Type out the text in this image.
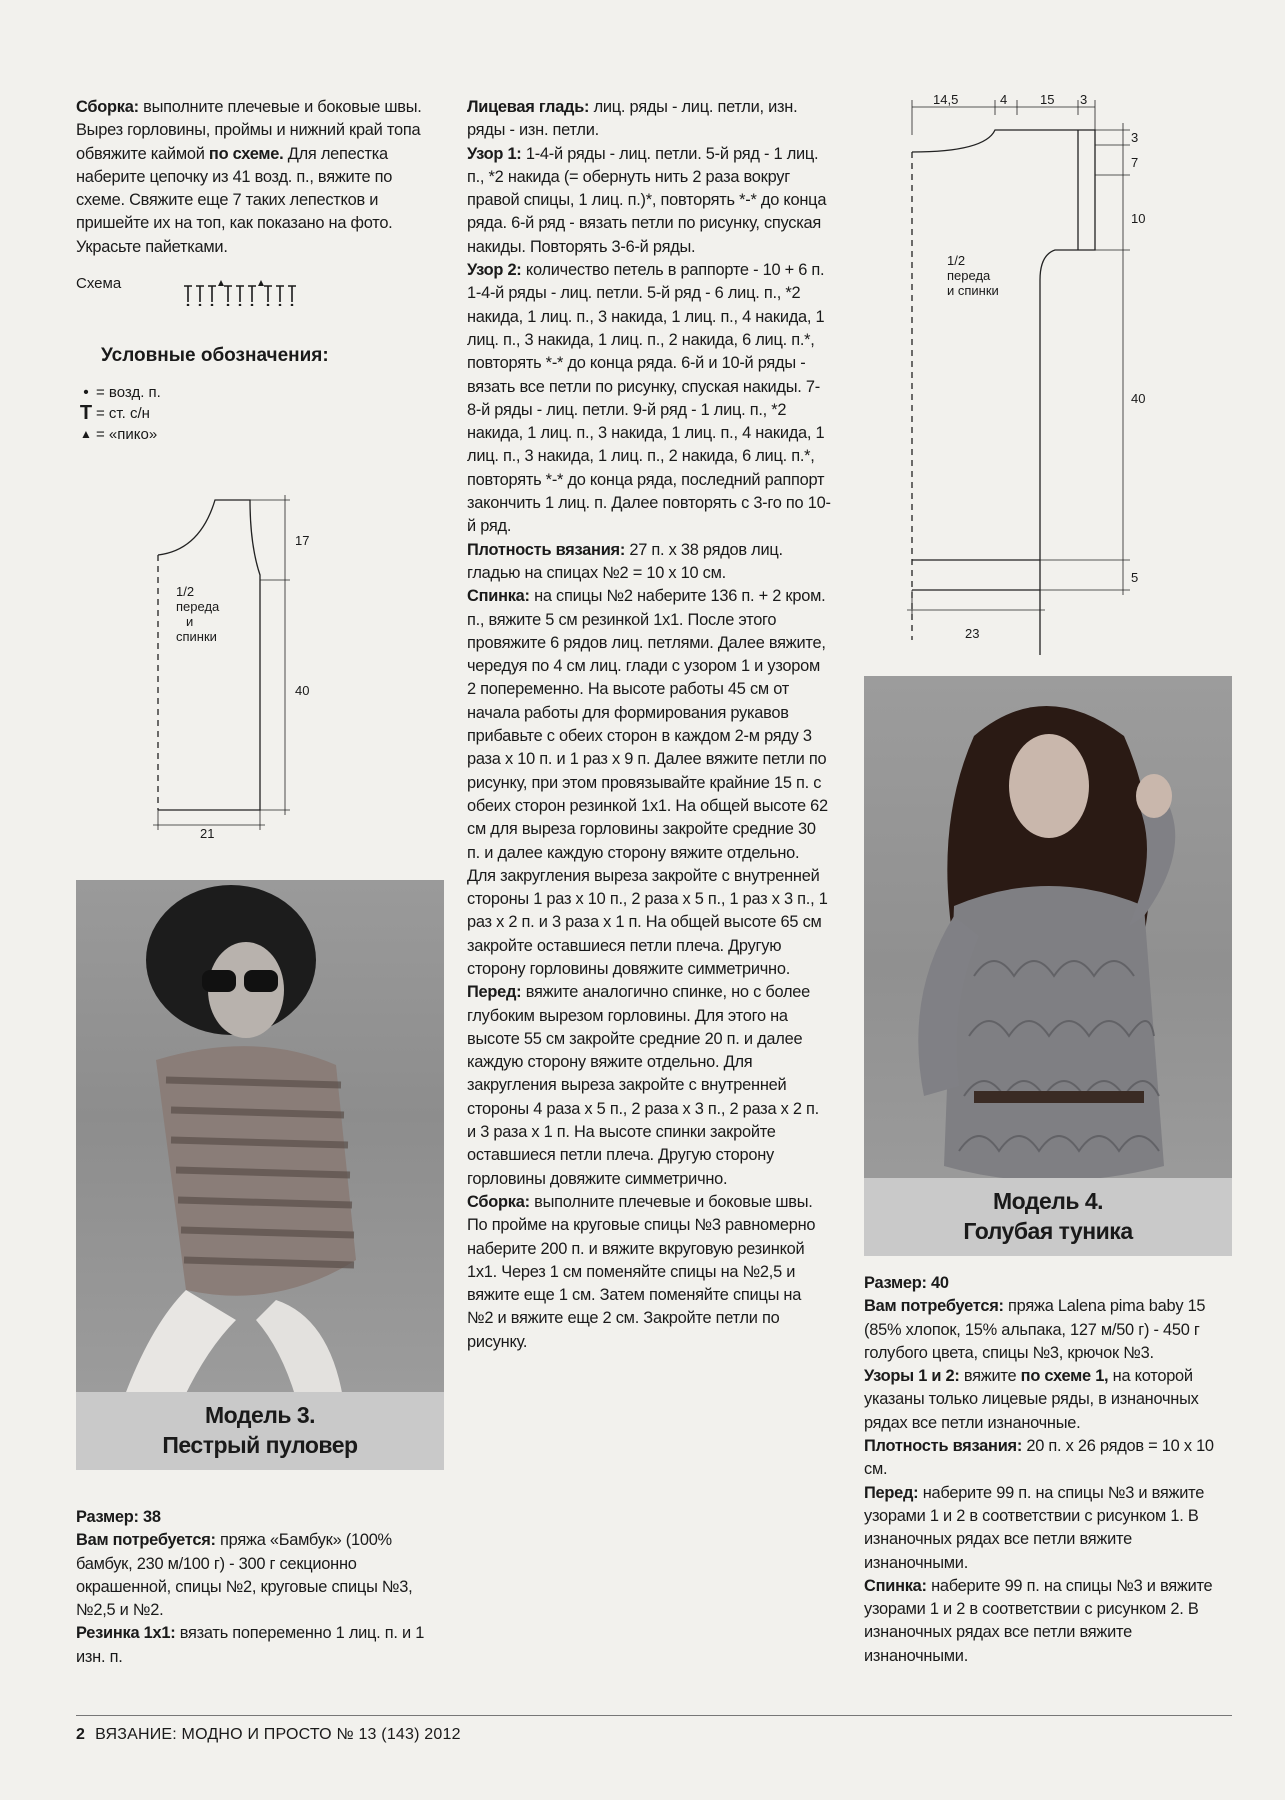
Сборка: выполните плечевые и боковые швы. Вырез горловины, проймы и нижний край топа обвяжите каймой по схеме. Для лепестка наберите цепочку из 41 возд. п., вяжите по схеме. Свяжите еще 7 таких лепестков и пришейте их на топ, как показано на фото. Украсьте пайетками.

Схема
Условные обозначения:
• = возд. п.
T = ст. с/н
▲ = «пико»
1/2
переда
и
спинки
17
40
21
Модель 3.
Пестрый пуловер

Размер: 38

Вам потребуется: пряжа «Бамбук» (100% бамбук, 230 м/100 г) - 300 г секционно окрашенной, спицы №2, круговые спицы №3, №2,5 и №2.

Резинка 1х1: вязать попеременно 1 лиц. п. и 1 изн. п.

Лицевая гладь: лиц. ряды - лиц. петли, изн. ряды - изн. петли.

Узор 1: 1-4-й ряды - лиц. петли. 5-й ряд - 1 лиц. п., *2 накида (= обернуть нить 2 раза вокруг правой спицы, 1 лиц. п.)*, повторять *-* до конца ряда. 6-й ряд - вязать петли по рисунку, спуская накиды. Повторять 3-6-й ряды.

Узор 2: количество петель в раппорте - 10 + 6 п. 1-4-й ряды - лиц. петли. 5-й ряд - 6 лиц. п., *2 накида, 1 лиц. п., 3 накида, 1 лиц. п., 4 накида, 1 лиц. п., 3 накида, 1 лиц. п., 2 накида, 6 лиц. п.*, повторять *-* до конца ряда. 6-й и 10-й ряды - вязать все петли по рисунку, спуская накиды. 7-8-й ряды - лиц. петли. 9-й ряд - 1 лиц. п., *2 накида, 1 лиц. п., 3 накида, 1 лиц. п., 4 накида, 1 лиц. п., 3 накида, 1 лиц. п., 2 накида, 6 лиц. п.*, повторять *-* до конца ряда, последний раппорт закончить 1 лиц. п. Далее повторять с 3-го по 10-й ряд.

Плотность вязания: 27 п. х 38 рядов лиц. гладью на спицах №2 = 10 х 10 см.

Спинка: на спицы №2 наберите 136 п. + 2 кром. п., вяжите 5 см резинкой 1х1. После этого провяжите 6 рядов лиц. петлями. Далее вяжите, чередуя по 4 см лиц. глади с узором 1 и узором 2 попеременно. На высоте работы 45 см от начала работы для формирования рукавов прибавьте с обеих сторон в каждом 2-м ряду 3 раза х 10 п. и 1 раз х 9 п. Далее вяжите петли по рисунку, при этом провязывайте крайние 15 п. с обеих сторон резинкой 1х1. На общей высоте 62 см для выреза горловины закройте средние 30 п. и далее каждую сторону вяжите отдельно. Для закругления выреза закройте с внутренней стороны 1 раз х 10 п., 2 раза х 5 п., 1 раз х 3 п., 1 раз х 2 п. и 3 раза х 1 п. На общей высоте 65 см закройте оставшиеся петли плеча. Другую сторону горловины довяжите симметрично.

Перед: вяжите аналогично спинке, но с более глубоким вырезом горловины. Для этого на высоте 55 см закройте средние 20 п. и далее каждую сторону вяжите отдельно. Для закругления выреза закройте с внутренней стороны 4 раза х 5 п., 2 раза х 3 п., 2 раза х 2 п. и 3 раза х 1 п. На высоте спинки закройте оставшиеся петли плеча. Другую сторону горловины довяжите симметрично.

Сборка: выполните плечевые и боковые швы. По пройме на круговые спицы №3 равномерно наберите 200 п. и вяжите вкруговую резинкой 1х1. Через 1 см поменяйте спицы на №2,5 и вяжите еще 1 см. Затем поменяйте спицы на №2 и вяжите еще 2 см. Закройте петли по рисунку.

14,5	4	15 3
3
7
10
40
5
23
1/2
переда
и спинки
Модель 4.
Голубая туника

Размер: 40

Вам потребуется: пряжа Lalena pima baby 15 (85% хлопок, 15% альпака, 127 м/50 г) - 450 г голубого цвета, спицы №3, крючок №3.

Узоры 1 и 2: вяжите по схеме 1, на которой указаны только лицевые ряды, в изнаночных рядах все петли изнаночные.

Плотность вязания: 20 п. х 26 рядов = 10 х 10 см.

Перед: наберите 99 п. на спицы №3 и вяжите узорами 1 и 2 в соответствии с рисунком 1. В изнаночных рядах все петли вяжите изнаночными.

Спинка: наберите 99 п. на спицы №3 и вяжите узорами 1 и 2 в соответствии с рисунком 2. В изнаночных рядах все петли вяжите изнаночными.

2 ВЯЗАНИЕ: МОДНО И ПРОСТО № 13 (143) 2012
